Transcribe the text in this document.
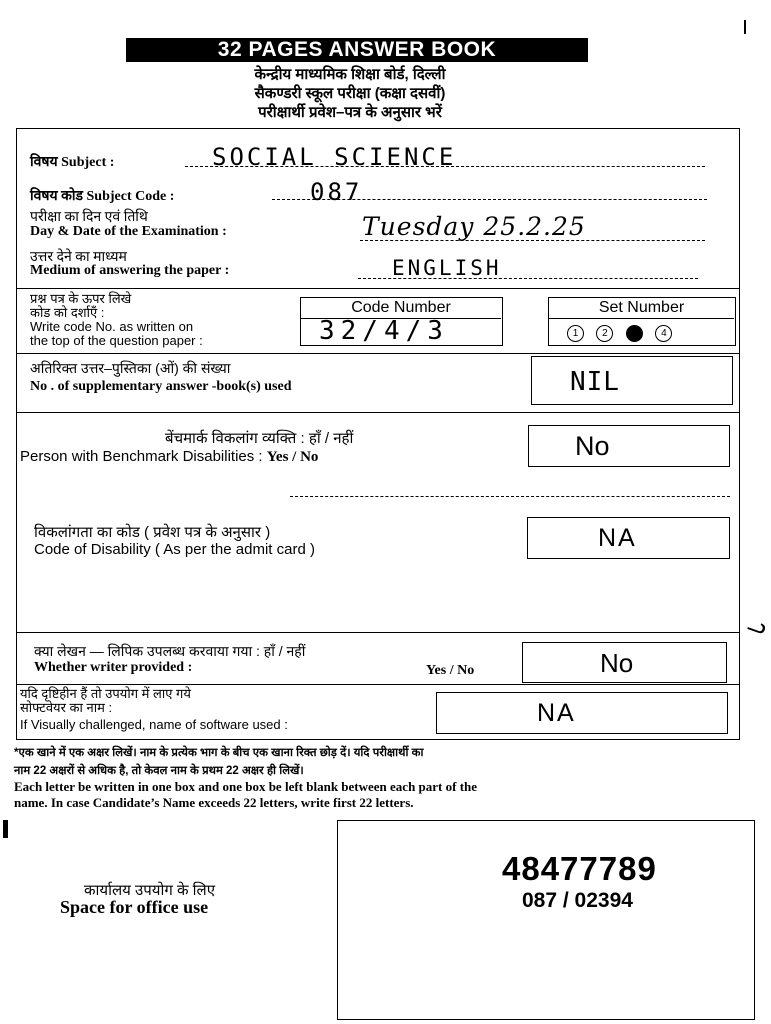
32 PAGES ANSWER BOOK
केन्द्रीय माध्यमिक शिक्षा बोर्ड, दिल्ली
सैकण्डरी स्कूल परीक्षा (कक्षा दसवीं)
परीक्षार्थी प्रवेश–पत्र के अनुसार भरें
विषय Subject :	SOCIAL SCIENCE
विषय कोड Subject Code :	087
परीक्षा का दिन एवं तिथि
Day & Date of the Examination :	Tuesday 25.2.25
उत्तर देने का माध्यम
Medium of answering the paper :	ENGLISH
प्रश्न पत्र के ऊपर लिखे
कोड को दर्शाएँ :
Write code No. as written on
the top of the question paper :
Code Number
32/4/3
Set Number
1 2 3 4
अतिरिक्त उत्तर–पुस्तिका (ओं) की संख्या
No . of supplementary answer -book(s) used	NIL
बेंचमार्क विकलांग व्यक्ति : हाँ / नहीं
Person with Benchmark Disabilities : Yes / No	No
विकलांगता का कोड ( प्रवेश पत्र के अनुसार )
Code of Disability ( As per the admit card )	NA
क्या लेखन — लिपिक उपलब्ध करवाया गया : हाँ / नहीं
Whether writer provided :	Yes / No	No
यदि दृष्टिहीन हैं तो उपयोग में लाए गये
सोफ्टवेयर का नाम :
If Visually challenged, name of software used :	NA
*एक खाने में एक अक्षर लिखें। नाम के प्रत्येक भाग के बीच एक खाना रिक्त छोड़ दें। यदि परीक्षार्थी का
नाम 22 अक्षरों से अधिक है, तो केवल नाम के प्रथम 22 अक्षर ही लिखें।
Each letter be written in one box and one box be left blank between each part of the
name. In case Candidate’s Name exceeds 22 letters, write first 22 letters.
कार्यालय उपयोग के लिए
Space for office use
48477789
087 / 02394
ᓗ
